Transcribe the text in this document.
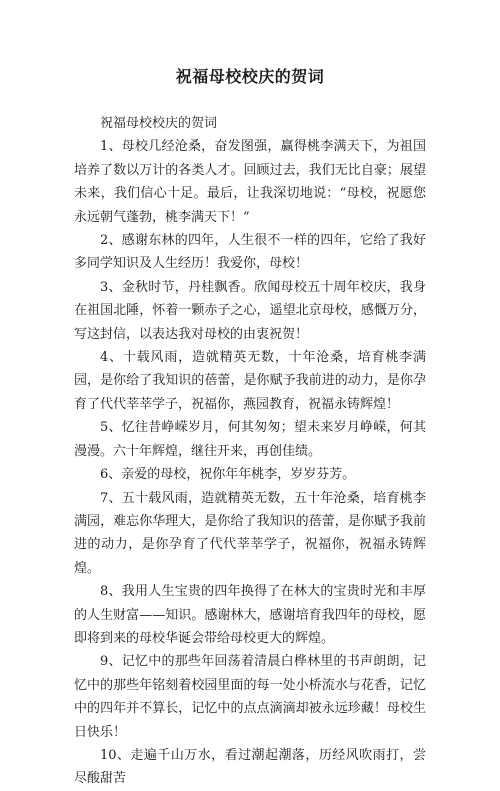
祝福母校校庆的贺词

祝福母校校庆的贺词

1、母校几经沧桑，奋发图强，赢得桃李满天下，为祖国培养了数以万计的各类人才。回顾过去，我们无比自豪；展望未来，我们信心十足。最后，让我深切地说：“母校，祝愿您永远朝气蓬勃，桃李满天下！”

2、感谢东林的四年，人生很不一样的四年，它给了我好多同学知识及人生经历！我爱你，母校！

3、金秋时节，丹桂飘香。欣闻母校五十周年校庆，我身在祖国北陲，怀着一颗赤子之心，遥望北京母校，感慨万分，写这封信，以表达我对母校的由衷祝贺！

4、十载风雨，造就精英无数，十年沧桑，培育桃李满园，是你给了我知识的蓓蕾，是你赋予我前进的动力，是你孕育了代代莘莘学子，祝福你，燕园教育，祝福永铸辉煌！

5、忆往昔峥嵘岁月，何其匆匆；望未来岁月峥嵘，何其漫漫。六十年辉煌，继往开来，再创佳绩。

6、亲爱的母校，祝你年年桃李，岁岁芬芳。

7、五十载风雨，造就精英无数，五十年沧桑，培育桃李满园，难忘你华理大，是你给了我知识的蓓蕾，是你赋予我前进的动力，是你孕育了代代莘莘学子，祝福你，祝福永铸辉煌。

8、我用人生宝贵的四年换得了在林大的宝贵时光和丰厚的人生财富——知识。感谢林大，感谢培育我四年的母校，愿即将到来的母校华诞会带给母校更大的辉煌。

9、记忆中的那些年回荡着清晨白桦林里的书声朗朗，记忆中的那些年铭刻着校园里面的每一处小桥流水与花香，记忆中的四年并不算长，记忆中的点点滴滴却被永远珍藏！母校生日快乐！

10、走遍千山万水，看过潮起潮落，历经风吹雨打，尝尽酸甜苦
